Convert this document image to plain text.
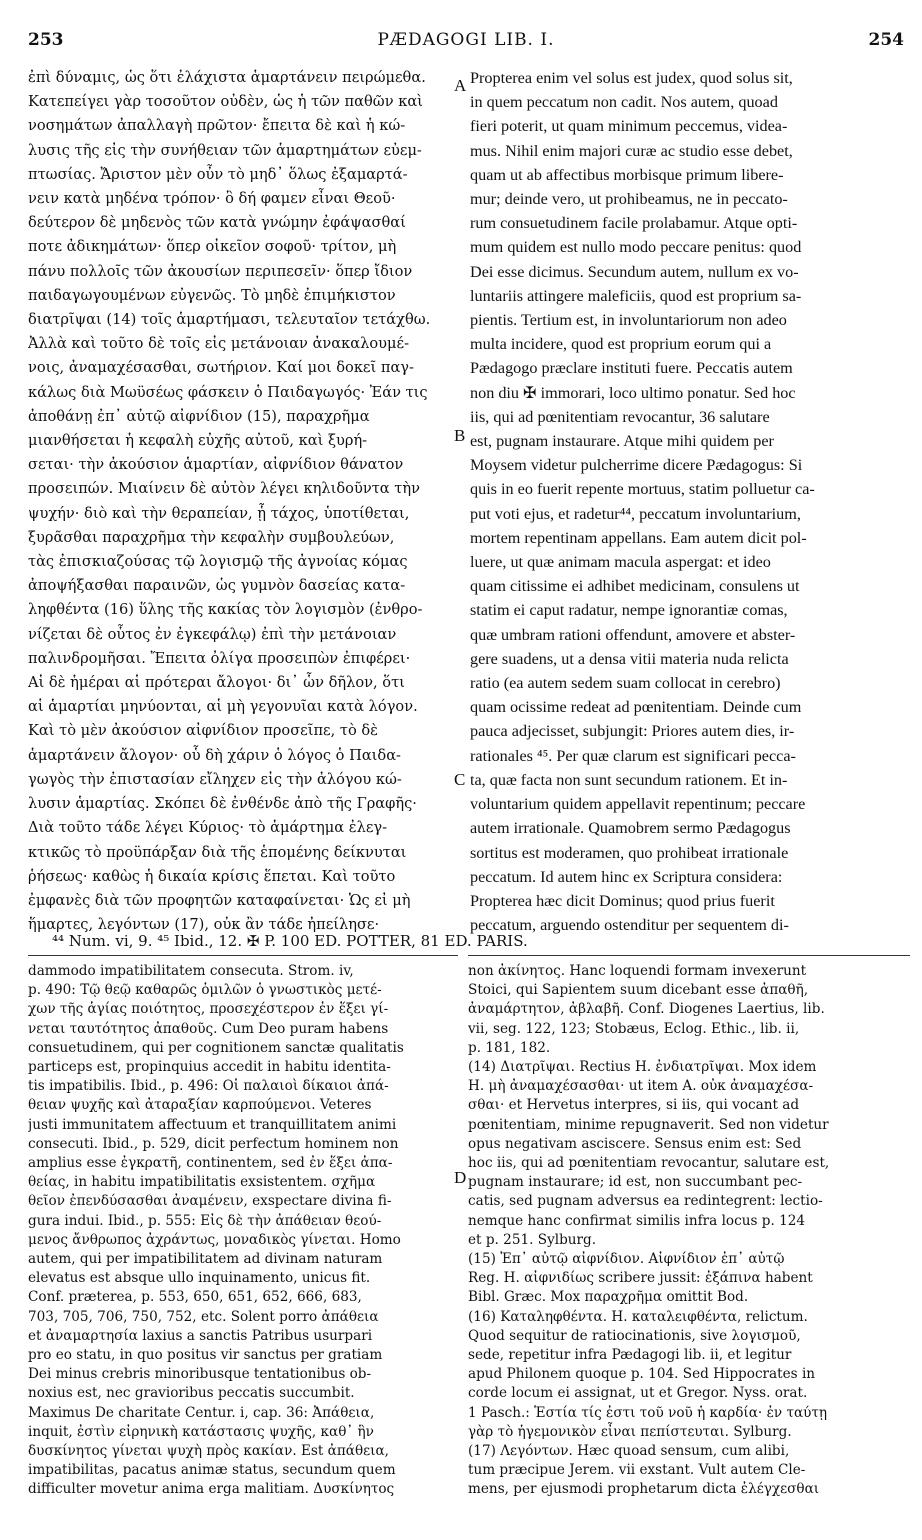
253	PÆDAGOGI LIB. I.	254
ἐπὶ δύναμις, ὡς ὅτι ἐλάχιστα ἁμαρτάνειν πειρώμεθα.
Κατεπείγει γὰρ τοσοῦτον οὐδὲν, ὡς ἡ τῶν παθῶν καὶ
νοσημάτων ἀπαλλαγὴ πρῶτον· ἔπειτα δὲ καὶ ἡ κώ-
λυσις τῆς εἰς τὴν συνήθειαν τῶν ἁμαρτημάτων εὐεμ-
πτωσίας. Ἄριστον μὲν οὖν τὸ μηδ᾽ ὅλως ἐξαμαρτά-
νειν κατὰ μηδένα τρόπον· ὃ δή φαμεν εἶναι Θεοῦ·
δεύτερον δὲ μηδενὸς τῶν κατὰ γνώμην ἐφάψασθαί
ποτε ἀδικημάτων· ὅπερ οἰκεῖον σοφοῦ· τρίτον, μὴ
πάνυ πολλοῖς τῶν ἀκουσίων περιπεσεῖν· ὅπερ ἴδιον
παιδαγωγουμένων εὐγενῶς. Τὸ μηδὲ ἐπιμήκιστον
διατρῖψαι (14) τοῖς ἁμαρτήμασι, τελευταῖον τετάχθω.
Ἀλλὰ καὶ τοῦτο δὲ τοῖς εἰς μετάνοιαν ἀνακαλουμέ-
νοις, ἀναμαχέσασθαι, σωτήριον. Καί μοι δοκεῖ παγ-
κάλως διὰ Μωϋσέως φάσκειν ὁ Παιδαγωγός· Ἐάν τις
ἀποθάνῃ ἐπ᾽ αὐτῷ αἰφνίδιον (15), παραχρῆμα
μιανθήσεται ἡ κεφαλὴ εὐχῆς αὐτοῦ, καὶ ξυρή-
σεται· τὴν ἀκούσιον ἁμαρτίαν, αἰφνίδιον θάνατον
προσειπών. Μιαίνειν δὲ αὐτὸν λέγει κηλιδοῦντα τὴν
ψυχήν· διὸ καὶ τὴν θεραπείαν, ᾗ τάχος, ὑποτίθεται,
ξυρᾶσθαι παραχρῆμα τὴν κεφαλὴν συμβουλεύων,
τὰς ἐπισκιαζούσας τῷ λογισμῷ τῆς ἀγνοίας κόμας
ἀποψήξασθαι παραινῶν, ὡς γυμνὸν δασείας κατα-
ληφθέντα (16) ὕλης τῆς κακίας τὸν λογισμὸν (ἐνθρο-
νίζεται δὲ οὗτος ἐν ἐγκεφάλῳ) ἐπὶ τὴν μετάνοιαν
παλινδρομῆσαι. Ἔπειτα ὀλίγα προσειπὼν ἐπιφέρει·
Αἱ δὲ ἡμέραι αἱ πρότεραι ἄλογοι· δι᾽ ὧν δῆλον, ὅτι
αἱ ἁμαρτίαι μηνύονται, αἱ μὴ γεγονυῖαι κατὰ λόγον.
Καὶ τὸ μὲν ἀκούσιον αἰφνίδιον προσεῖπε, τὸ δὲ
ἁμαρτάνειν ἄλογον· οὗ δὴ χάριν ὁ λόγος ὁ Παιδα-
γωγὸς τὴν ἐπιστασίαν εἴληχεν εἰς τὴν ἀλόγου κώ-
λυσιν ἁμαρτίας. Σκόπει δὲ ἐνθένδε ἀπὸ τῆς Γραφῆς·
Διὰ τοῦτο τάδε λέγει Κύριος· τὸ ἁμάρτημα ἐλεγ-
κτικῶς τὸ προϋπάρξαν διὰ τῆς ἑπομένης δείκνυται
ῥήσεως· καθὼς ἡ δικαία κρίσις ἕπεται. Καὶ τοῦτο
ἐμφανὲς διὰ τῶν προφητῶν καταφαίνεται· Ὡς εἰ μὴ
ἥμαρτες, λεγόντων (17), οὐκ ἂν τάδε ἠπείλησε·
Propterea enim vel solus est judex, quod solus sit,
in quem peccatum non cadit. Nos autem, quoad
fieri poterit, ut quam minimum peccemus, videa-
mus. Nihil enim majori curæ ac studio esse debet,
quam ut ab affectibus morbisque primum libere-
mur; deinde vero, ut prohibeamus, ne in peccato-
rum consuetudinem facile prolabamur. Atque opti-
mum quidem est nullo modo peccare penitus: quod
Dei esse dicimus. Secundum autem, nullum ex vo-
luntariis attingere maleficiis, quod est proprium sa-
pientis. Tertium est, in involuntariorum non adeo
multa incidere, quod est proprium eorum qui a
Pædagogo præclare instituti fuere. Peccatis autem
non diu ✠ immorari, loco ultimo ponatur. Sed hoc
iis, qui ad pœnitentiam revocantur, 36 salutare
est, pugnam instaurare. Atque mihi quidem per
Moysem videtur pulcherrime dicere Pædagogus: Si
quis in eo fuerit repente mortuus, statim polluetur ca-
put voti ejus, et radetur⁴⁴, peccatum involuntarium,
mortem repentinam appellans. Eam autem dicit pol-
luere, ut quæ animam macula aspergat: et ideo
quam citissime ei adhibet medicinam, consulens ut
statim ei caput radatur, nempe ignorantiæ comas,
quæ umbram rationi offendunt, amovere et abster-
gere suadens, ut a densa vitii materia nuda relicta
ratio (ea autem sedem suam collocat in cerebro)
quam ocissime redeat ad pœnitentiam. Deinde cum
pauca adjecisset, subjungit: Priores autem dies, ir-
rationales ⁴⁵. Per quæ clarum est significari pecca-
ta, quæ facta non sunt secundum rationem. Et in-
voluntarium quidem appellavit repentinum; peccare
autem irrationale. Quamobrem sermo Pædagogus
sortitus est moderamen, quo prohibeat irrationale
peccatum. Id autem hinc ex Scriptura considera:
Propterea hæc dicit Dominus; quod prius fuerit
peccatum, arguendo ostenditur per sequentem di-
A
B
C
D
⁴⁴ Num. vi, 9. ⁴⁵ Ibid., 12. ✠ P. 100 ED. POTTER, 81 ED. PARIS.
dammodo impatibilitatem consecuta. Strom. iv,
p. 490: Τῷ θεῷ καθαρῶς ὁμιλῶν ὁ γνωστικὸς μετέ-
χων τῆς ἁγίας ποιότητος, προσεχέστερον ἐν ἕξει γί-
νεται ταυτότητος ἀπαθοῦς. Cum Deo puram habens
consuetudinem, qui per cognitionem sanctæ qualitatis
particeps est, propinquius accedit in habitu identita-
tis impatibilis. Ibid., p. 496: Οἱ παλαιοὶ δίκαιοι ἀπά-
θειαν ψυχῆς καὶ ἀταραξίαν καρπούμενοι. Veteres
justi immunitatem affectuum et tranquillitatem animi
consecuti. Ibid., p. 529, dicit perfectum hominem non
amplius esse ἐγκρατῆ, continentem, sed ἐν ἕξει ἀπα-
θείας, in habitu impatibilitatis exsistentem. σχῆμα
θεῖον ἐπενδύσασθαι ἀναμένειν, exspectare divina fi-
gura indui. Ibid., p. 555: Εἰς δὲ τὴν ἀπάθειαν θεού-
μενος ἄνθρωπος ἀχράντως, μοναδικὸς γίνεται. Homo
autem, qui per impatibilitatem ad divinam naturam
elevatus est absque ullo inquinamento, unicus fit.
Conf. præterea, p. 553, 650, 651, 652, 666, 683,
703, 705, 706, 750, 752, etc. Solent porro ἀπάθεια
et ἀναμαρτησία laxius a sanctis Patribus usurpari
pro eo statu, in quo positus vir sanctus per gratiam
Dei minus crebris minoribusque tentationibus ob-
noxius est, nec gravioribus peccatis succumbit.
Maximus De charitate Centur. i, cap. 36: Ἀπάθεια,
inquit, ἐστὶν εἰρηνικὴ κατάστασις ψυχῆς, καθ᾽ ἣν
δυσκίνητος γίνεται ψυχὴ πρὸς κακίαν. Est ἀπάθεια,
impatibilitas, pacatus animæ status, secundum quem
difficulter movetur anima erga malitiam. Δυσκίνητος
non ἀκίνητος. Hanc loquendi formam invexerunt
Stoici, qui Sapientem suum dicebant esse ἀπαθῆ,
ἀναμάρτητον, ἀβλαβῆ. Conf. Diogenes Laertius, lib.
vii, seg. 122, 123; Stobæus, Eclog. Ethic., lib. ii,
p. 181, 182.
(14) Διατρῖψαι. Rectius H. ἐνδιατρῖψαι. Mox idem
H. μὴ ἀναμαχέσασθαι· ut item A. οὐκ ἀναμαχέσα-
σθαι· et Hervetus interpres, si iis, qui vocant ad
pœnitentiam, minime repugnaverit. Sed non videtur
opus negativam asciscere. Sensus enim est: Sed
hoc iis, qui ad pœnitentiam revocantur, salutare est,
pugnam instaurare; id est, non succumbant pec-
catis, sed pugnam adversus ea redintegrent: lectio-
nemque hanc confirmat similis infra locus p. 124
et p. 251. Sylburg.
(15) Ἐπ᾽ αὐτῷ αἰφνίδιον. Αἰφνίδιον ἐπ᾽ αὐτῷ
Reg. H. αἰφνιδίως scribere jussit: ἐξάπινα habent
Bibl. Græc. Mox παραχρῆμα omittit Bod.
(16) Καταληφθέντα. H. καταλειφθέντα, relictum.
Quod sequitur de ratiocinationis, sive λογισμοῦ,
sede, repetitur infra Pædagogi lib. ii, et legitur
apud Philonem quoque p. 104. Sed Hippocrates in
corde locum ei assignat, ut et Gregor. Nyss. orat.
1 Pasch.: Ἑστία τίς ἐστι τοῦ νοῦ ἡ καρδία· ἐν ταύτῃ
γὰρ τὸ ἡγεμονικὸν εἶναι πεπίστευται. Sylburg.
(17) Λεγόντων. Hæc quoad sensum, cum alibi,
tum præcipue Jerem. vii exstant. Vult autem Cle-
mens, per ejusmodi prophetarum dicta ἐλέγχεσθαι
